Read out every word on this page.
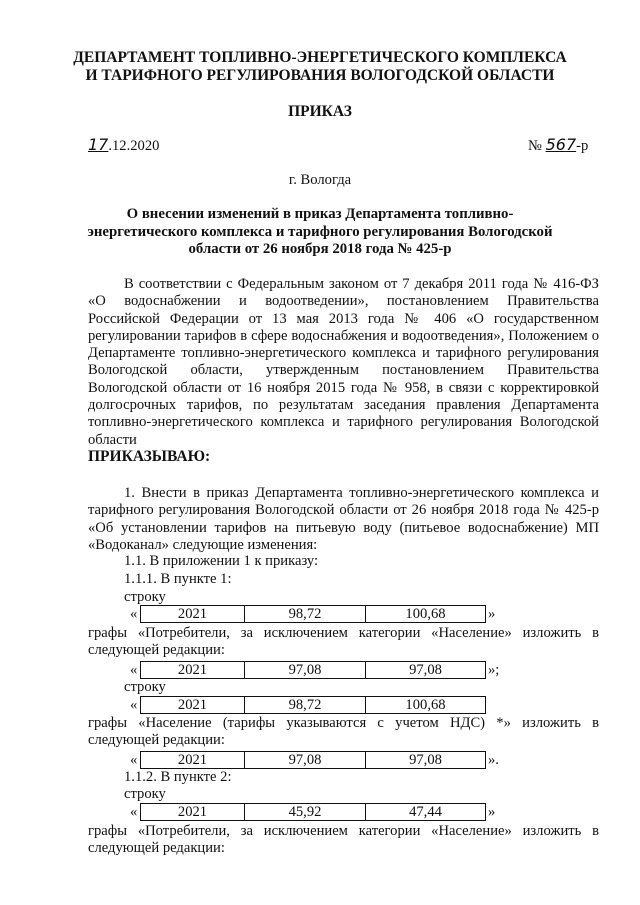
ДЕПАРТАМЕНТ ТОПЛИВНО-ЭНЕРГЕТИЧЕСКОГО КОМПЛЕКСА
И ТАРИФНОГО РЕГУЛИРОВАНИЯ ВОЛОГОДСКОЙ ОБЛАСТИ
ПРИКАЗ
17.12.2020	№ 567-р
г. Вологда
О внесении изменений в приказ Департамента топливно-
энергетического комплекса и тарифного регулирования Вологодской
области от 26 ноября 2018 года № 425-р

В соответствии с Федеральным законом от 7 декабря 2011 года № 416-ФЗ «О водоснабжении и водоотведении», постановлением Правительства Российской Федерации от 13 мая 2013 года № 406 «О государственном регулировании тарифов в сфере водоснабжения и водоотведения», Положением о Департаменте топливно-энергетического комплекса и тарифного регулирования Вологодской области, утвержденным постановлением Правительства Вологодской области от 16 ноября 2015 года № 958, в связи с корректировкой долгосрочных тарифов, по результатам заседания правления Департамента топливно-энергетического комплекса и тарифного регулирования Вологодской области

ПРИКАЗЫВАЮ:

1. Внести в приказ Департамента топливно-энергетического комплекса и тарифного регулирования Вологодской области от 26 ноября 2018 года № 425-р «Об установлении тарифов на питьевую воду (питьевое водоснабжение) МП «Водоканал» следующие изменения:

1.1. В приложении 1 к приказу:
1.1.1. В пункте 1:
строку
«	2021	98,72	100,68	»

графы «Потребители, за исключением категории «Население» изложить в следующей редакции:

«	2021	97,08	97,08	»;
строку
«	2021	98,72	100,68

графы «Население (тарифы указываются с учетом НДС) *» изложить в следующей редакции:

«	2021	97,08	97,08	».
1.1.2. В пункте 2:
строку
«	2021	45,92	47,44	»

графы «Потребители, за исключением категории «Население» изложить в следующей редакции:
